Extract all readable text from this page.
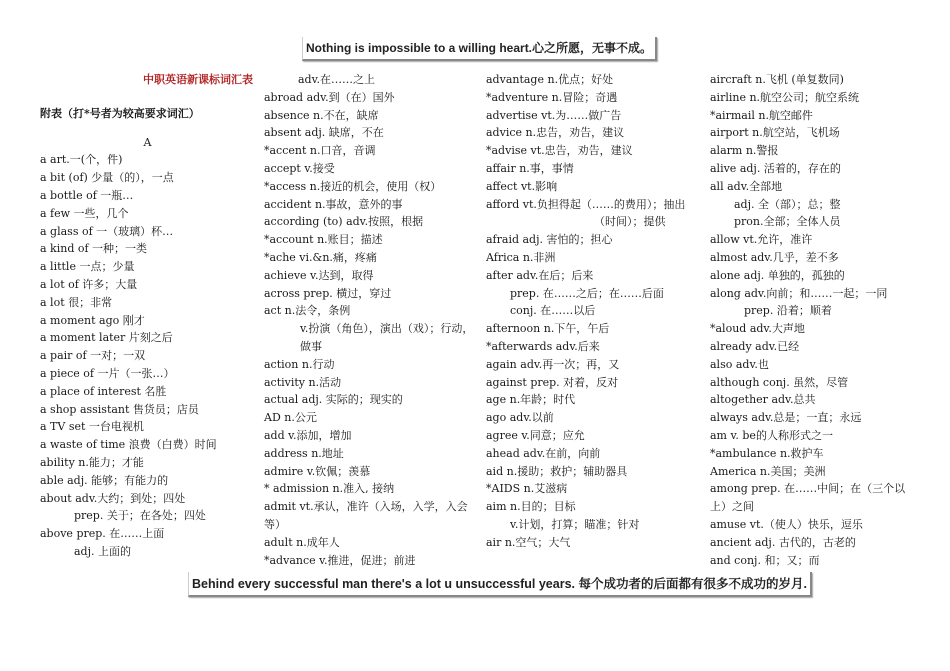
Nothing is impossible to a willing heart.心之所愿，无事不成。
中职英语新课标词汇表
附表（打*号者为较高要求词汇）
A
a art.一(个，件)
a bit (of) 少量（的），一点
a bottle of 一瓶…
a few 一些，几个
a glass of 一（玻璃）杯…
a kind of 一种；一类
a little 一点；少量
a lot of 许多；大量
a lot 很；非常
a moment ago 刚才
a moment later 片刻之后
a pair of 一对；一双
a piece of 一片（一张…）
a place of interest 名胜
a shop assistant 售货员；店员
a TV set 一台电视机
a waste of time 浪费（白费）时间
ability n.能力；才能
able adj. 能够；有能力的
about adv.大约；到处；四处
prep. 关于；在各处；四处
above prep. 在……上面
adj. 上面的
adv.在……之上
abroad adv.到（在）国外
absence n.不在，缺席
absent adj. 缺席，不在
*accent n.口音，音调
accept v.接受
*access n.接近的机会，使用（权）
accident n.事故，意外的事
according (to) adv.按照，根据
*account n.账目；描述
*ache vi.&n.痛，疼痛
achieve v.达到，取得
across prep. 横过，穿过
act n.法令，条例
v.扮演（角色），演出（戏）；行动，做事
action n.行动
activity n.活动
actual adj. 实际的；现实的
AD n.公元
add v.添加，增加
address n.地址
admire v.钦佩；羡慕
* admission n.准入, 接纳
admit vt.承认，准许（入场，入学，入会等）
adult n.成年人
*advance v.推进，促进；前进
advantage n.优点；好处
*adventure n.冒险；奇遇
advertise vt.为……做广告
advice n.忠告，劝告，建议
*advise vt.忠告，劝告，建议
affair n.事，事情
affect vt.影响
afford vt.负担得起（……的费用）；抽出（时间）；提供
afraid adj. 害怕的；担心
Africa n.非洲
after adv.在后；后来
prep. 在……之后；在……后面
conj. 在……以后
afternoon n.下午，午后
*afterwards adv.后来
again adv.再一次；再，又
against prep. 对着，反对
age n.年龄；时代
ago adv.以前
agree v.同意；应允
ahead adv.在前，向前
aid n.援助；救护；辅助器具
*AIDS n.艾滋病
aim n.目的；目标
v.计划，打算；瞄准；针对
air n.空气；大气
aircraft n.飞机 (单复数同)
airline n.航空公司；航空系统
*airmail n.航空邮件
airport n.航空站，飞机场
alarm n.警报
alive adj. 活着的，存在的
all adv.全部地
adj. 全（部）；总；整
pron.全部；全体人员
allow vt.允许，准许
almost adv.几乎，差不多
alone adj. 单独的，孤独的
along adv.向前；和……一起；一同
prep. 沿着；顺着
*aloud adv.大声地
already adv.已经
also adv.也
although conj. 虽然，尽管
altogether adv.总共
always adv.总是；一直；永远
am v. be的人称形式之一
*ambulance n.救护车
America n.美国；美洲
among prep. 在……中间；在（三个以上）之间
amuse vt.（使人）快乐，逗乐
ancient adj. 古代的，古老的
and conj. 和；又；而
Behind every successful man there's a lot u unsuccessful years. 每个成功者的后面都有很多不成功的岁月.
